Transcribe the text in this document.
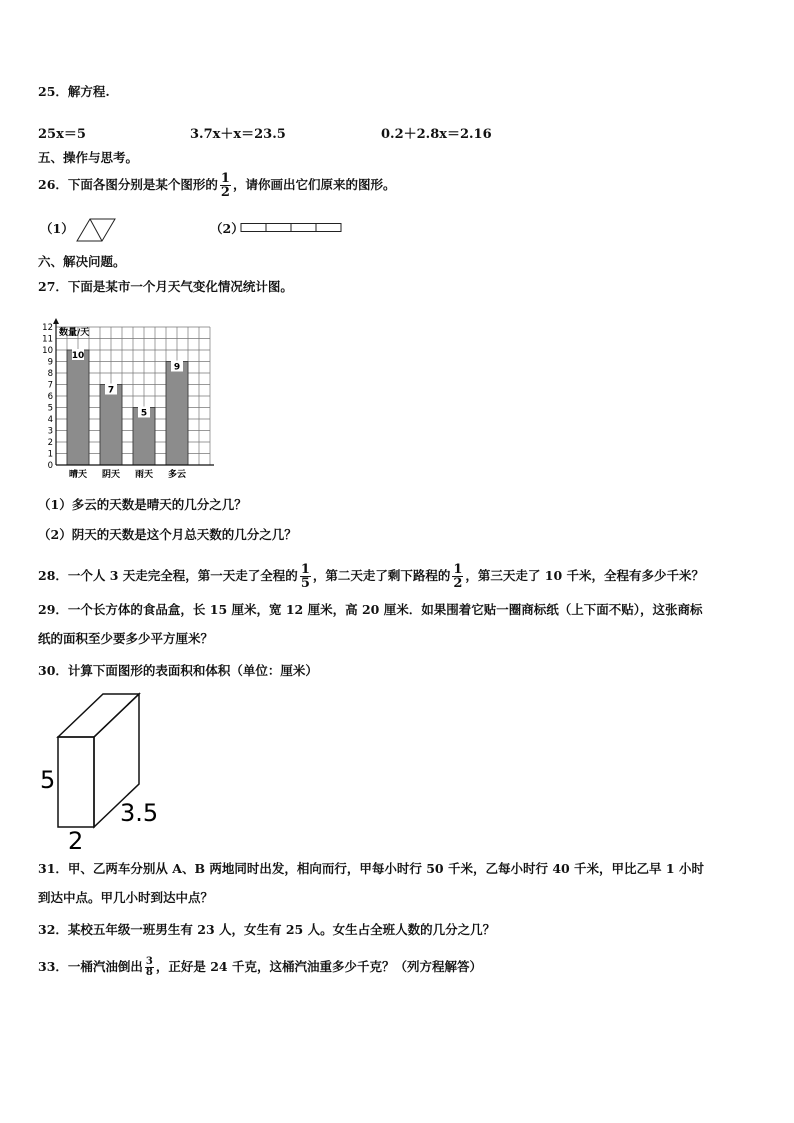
25．解方程.
25x＝5	3.7x＋x＝23.5	0.2＋2.8x＝2.16
五、操作与思考。
26．下面各图分别是某个图形的 $\frac{1}{2}$ ，请你画出它们原来的图形。
（1）	（2）
六、解决问题。
27．下面是某市一个月天气变化情况统计图。
10
晴天
7
阴天
5
雨天
9
多云
0
1
2
3
4
5
6
7
8
9
10
11
12 数量/天
（1）多云的天数是晴天的几分之几？
（2）阴天的天数是这个月总天数的几分之几？
28．一个人 3 天走完全程，第一天走了全程的 $\frac{1}{5}$ ，第二天走了剩下路程的 $\frac{1}{2}$ ，第三天走了 10 千米，全程有多少千米？
29．一个长方体的食品盒，长 15 厘米，宽 12 厘米，高 20 厘米．如果围着它贴一圈商标纸（上下面不贴），这张商标
纸的面积至少要多少平方厘米？
30．计算下面图形的表面积和体积（单位：厘米）
5
3.5
2
31．甲、乙两车分别从 A、B 两地同时出发，相向而行，甲每小时行 50 千米，乙每小时行 40 千米，甲比乙早 1 小时
到达中点。甲几小时到达中点？
32．某校五年级一班男生有 23 人，女生有 25 人。女生占全班人数的几分之几？
33．一桶汽油倒出 $\frac{3}{8}$ ，正好是 24 千克，这桶汽油重多少千克？（列方程解答）
